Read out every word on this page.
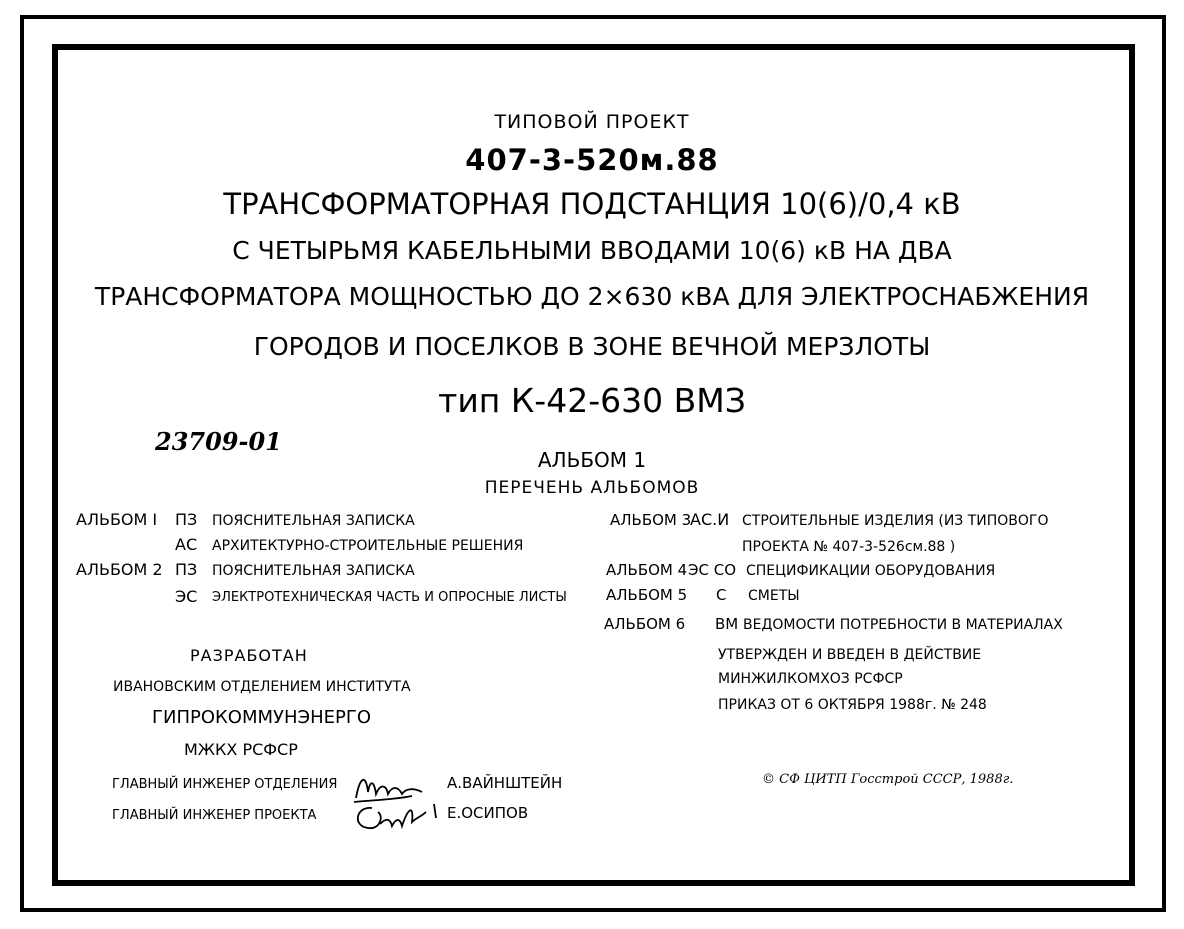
ТИПОВОЙ ПРОЕКТ
407-3-520м.88
ТРАНСФОРМАТОРНАЯ ПОДСТАНЦИЯ 10(6)/0,4 кВ
С ЧЕТЫРЬМЯ КАБЕЛЬНЫМИ ВВОДАМИ 10(6) кВ НА ДВА
ТРАНСФОРМАТОРА МОЩНОСТЬЮ ДО 2×630 кВА ДЛЯ ЭЛЕКТРОСНАБЖЕНИЯ
ГОРОДОВ И ПОСЕЛКОВ В ЗОНЕ ВЕЧНОЙ МЕРЗЛОТЫ
тип К-42-630 ВМЗ
23709-01
АЛЬБОМ 1
ПЕРЕЧЕНЬ АЛЬБОМОВ
АЛЬБОМ I ПЗ ПОЯСНИТЕЛЬНАЯ ЗАПИСКА
АС АРХИТЕКТУРНО-СТРОИТЕЛЬНЫЕ РЕШЕНИЯ
АЛЬБОМ 2 ПЗ ПОЯСНИТЕЛЬНАЯ ЗАПИСКА
ЭС ЭЛЕКТРОТЕХНИЧЕСКАЯ ЧАСТЬ И ОПРОСНЫЕ ЛИСТЫ
АЛЬБОМ 3
АС.И СТРОИТЕЛЬНЫЕ ИЗДЕЛИЯ (ИЗ ТИПОВОГО
ПРОЕКТА № 407-3-526см.88 )
АЛЬБОМ 4 ЭС СО СПЕЦИФИКАЦИИ ОБОРУДОВАНИЯ
АЛЬБОМ 5 С СМЕТЫ
АЛЬБОМ 6 ВМ ВЕДОМОСТИ ПОТРЕБНОСТИ В МАТЕРИАЛАХ
РАЗРАБОТАН
ИВАНОВСКИМ ОТДЕЛЕНИЕМ ИНСТИТУТА
ГИПРОКОММУНЭНЕРГО
МЖКХ РСФСР
УТВЕРЖДЕН И ВВЕДЕН В ДЕЙСТВИЕ
МИНЖИЛКОМХОЗ РСФСР
ПРИКАЗ ОТ 6 ОКТЯБРЯ 1988г. № 248
ГЛАВНЫЙ ИНЖЕНЕР ОТДЕЛЕНИЯ	А.ВАЙНШТЕЙН
ГЛАВНЫЙ ИНЖЕНЕР ПРОЕКТА	Е.ОСИПОВ
© СФ ЦИТП Госстрой СССР, 1988г.
